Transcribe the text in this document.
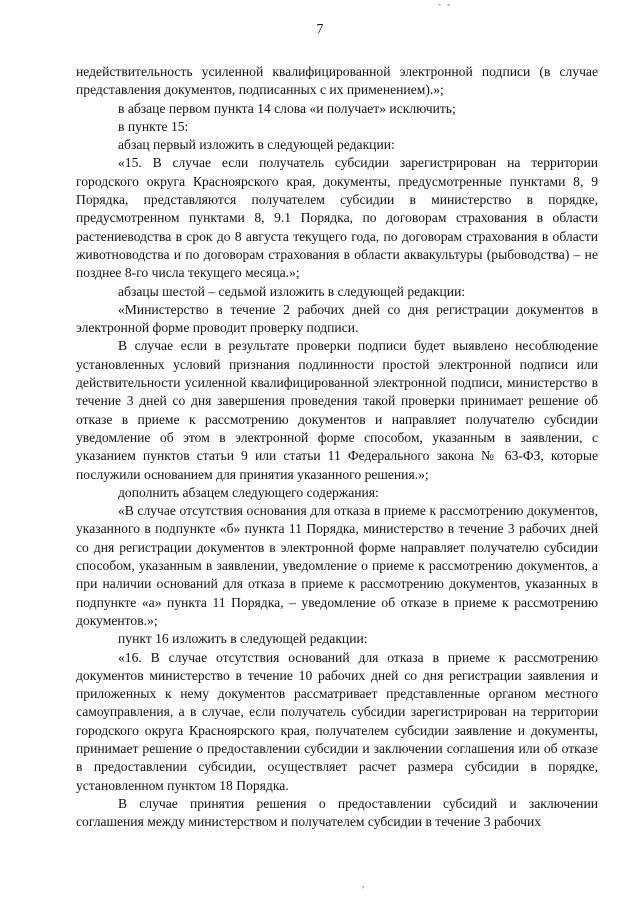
- -
7

недействительность усиленной квалифицированной электронной подписи (в случае представления документов, подписанных с их применением).»;

в абзаце первом пункта 14 слова «и получает» исключить;

в пункте 15:

абзац первый изложить в следующей редакции:

«15. В случае если получатель субсидии зарегистрирован на территории городского округа Красноярского края, документы, предусмотренные пунктами 8, 9 Порядка, представляются получателем субсидии в министерство в порядке, предусмотренном пунктами 8, 9.1 Порядка, по договорам страхования в области растениеводства в срок до 8 августа текущего года, по договорам страхования в области животноводства и по договорам страхования в области аквакультуры (рыбоводства) – не позднее 8-го числа текущего месяца.»;

абзацы шестой – седьмой изложить в следующей редакции:

«Министерство в течение 2 рабочих дней со дня регистрации документов в электронной форме проводит проверку подписи.

В случае если в результате проверки подписи будет выявлено несоблюдение установленных условий признания подлинности простой электронной подписи или действительности усиленной квалифицированной электронной подписи, министерство в течение 3 дней со дня завершения проведения такой проверки принимает решение об отказе в приеме к рассмотрению документов и направляет получателю субсидии уведомление об этом в электронной форме способом, указанным в заявлении, с указанием пунктов статьи 9 или статьи 11 Федерального закона № 63-ФЗ, которые послужили основанием для принятия указанного решения.»;

дополнить абзацем следующего содержания:

«В случае отсутствия основания для отказа в приеме к рассмотрению документов, указанного в подпункте «б» пункта 11 Порядка, министерство в течение 3 рабочих дней со дня регистрации документов в электронной форме направляет получателю субсидии способом, указанным в заявлении, уведомление о приеме к рассмотрению документов, а при наличии оснований для отказа в приеме к рассмотрению документов, указанных в подпункте «а» пункта 11 Порядка, – уведомление об отказе в приеме к рассмотрению документов.»;

пункт 16 изложить в следующей редакции:

«16. В случае отсутствия оснований для отказа в приеме к рассмотрению документов министерство в течение 10 рабочих дней со дня регистрации заявления и приложенных к нему документов рассматривает представленные органом местного самоуправления, а в случае, если получатель субсидии зарегистрирован на территории городского округа Красноярского края, получателем субсидии заявление и документы, принимает решение о предоставлении субсидии и заключении соглашения или об отказе в предоставлении субсидии, осуществляет расчет размера субсидии в порядке, установленном пунктом 18 Порядка.

В случае принятия решения о предоставлении субсидий и заключении соглашения между министерством и получателем субсидии в течение 3 рабочих

,
